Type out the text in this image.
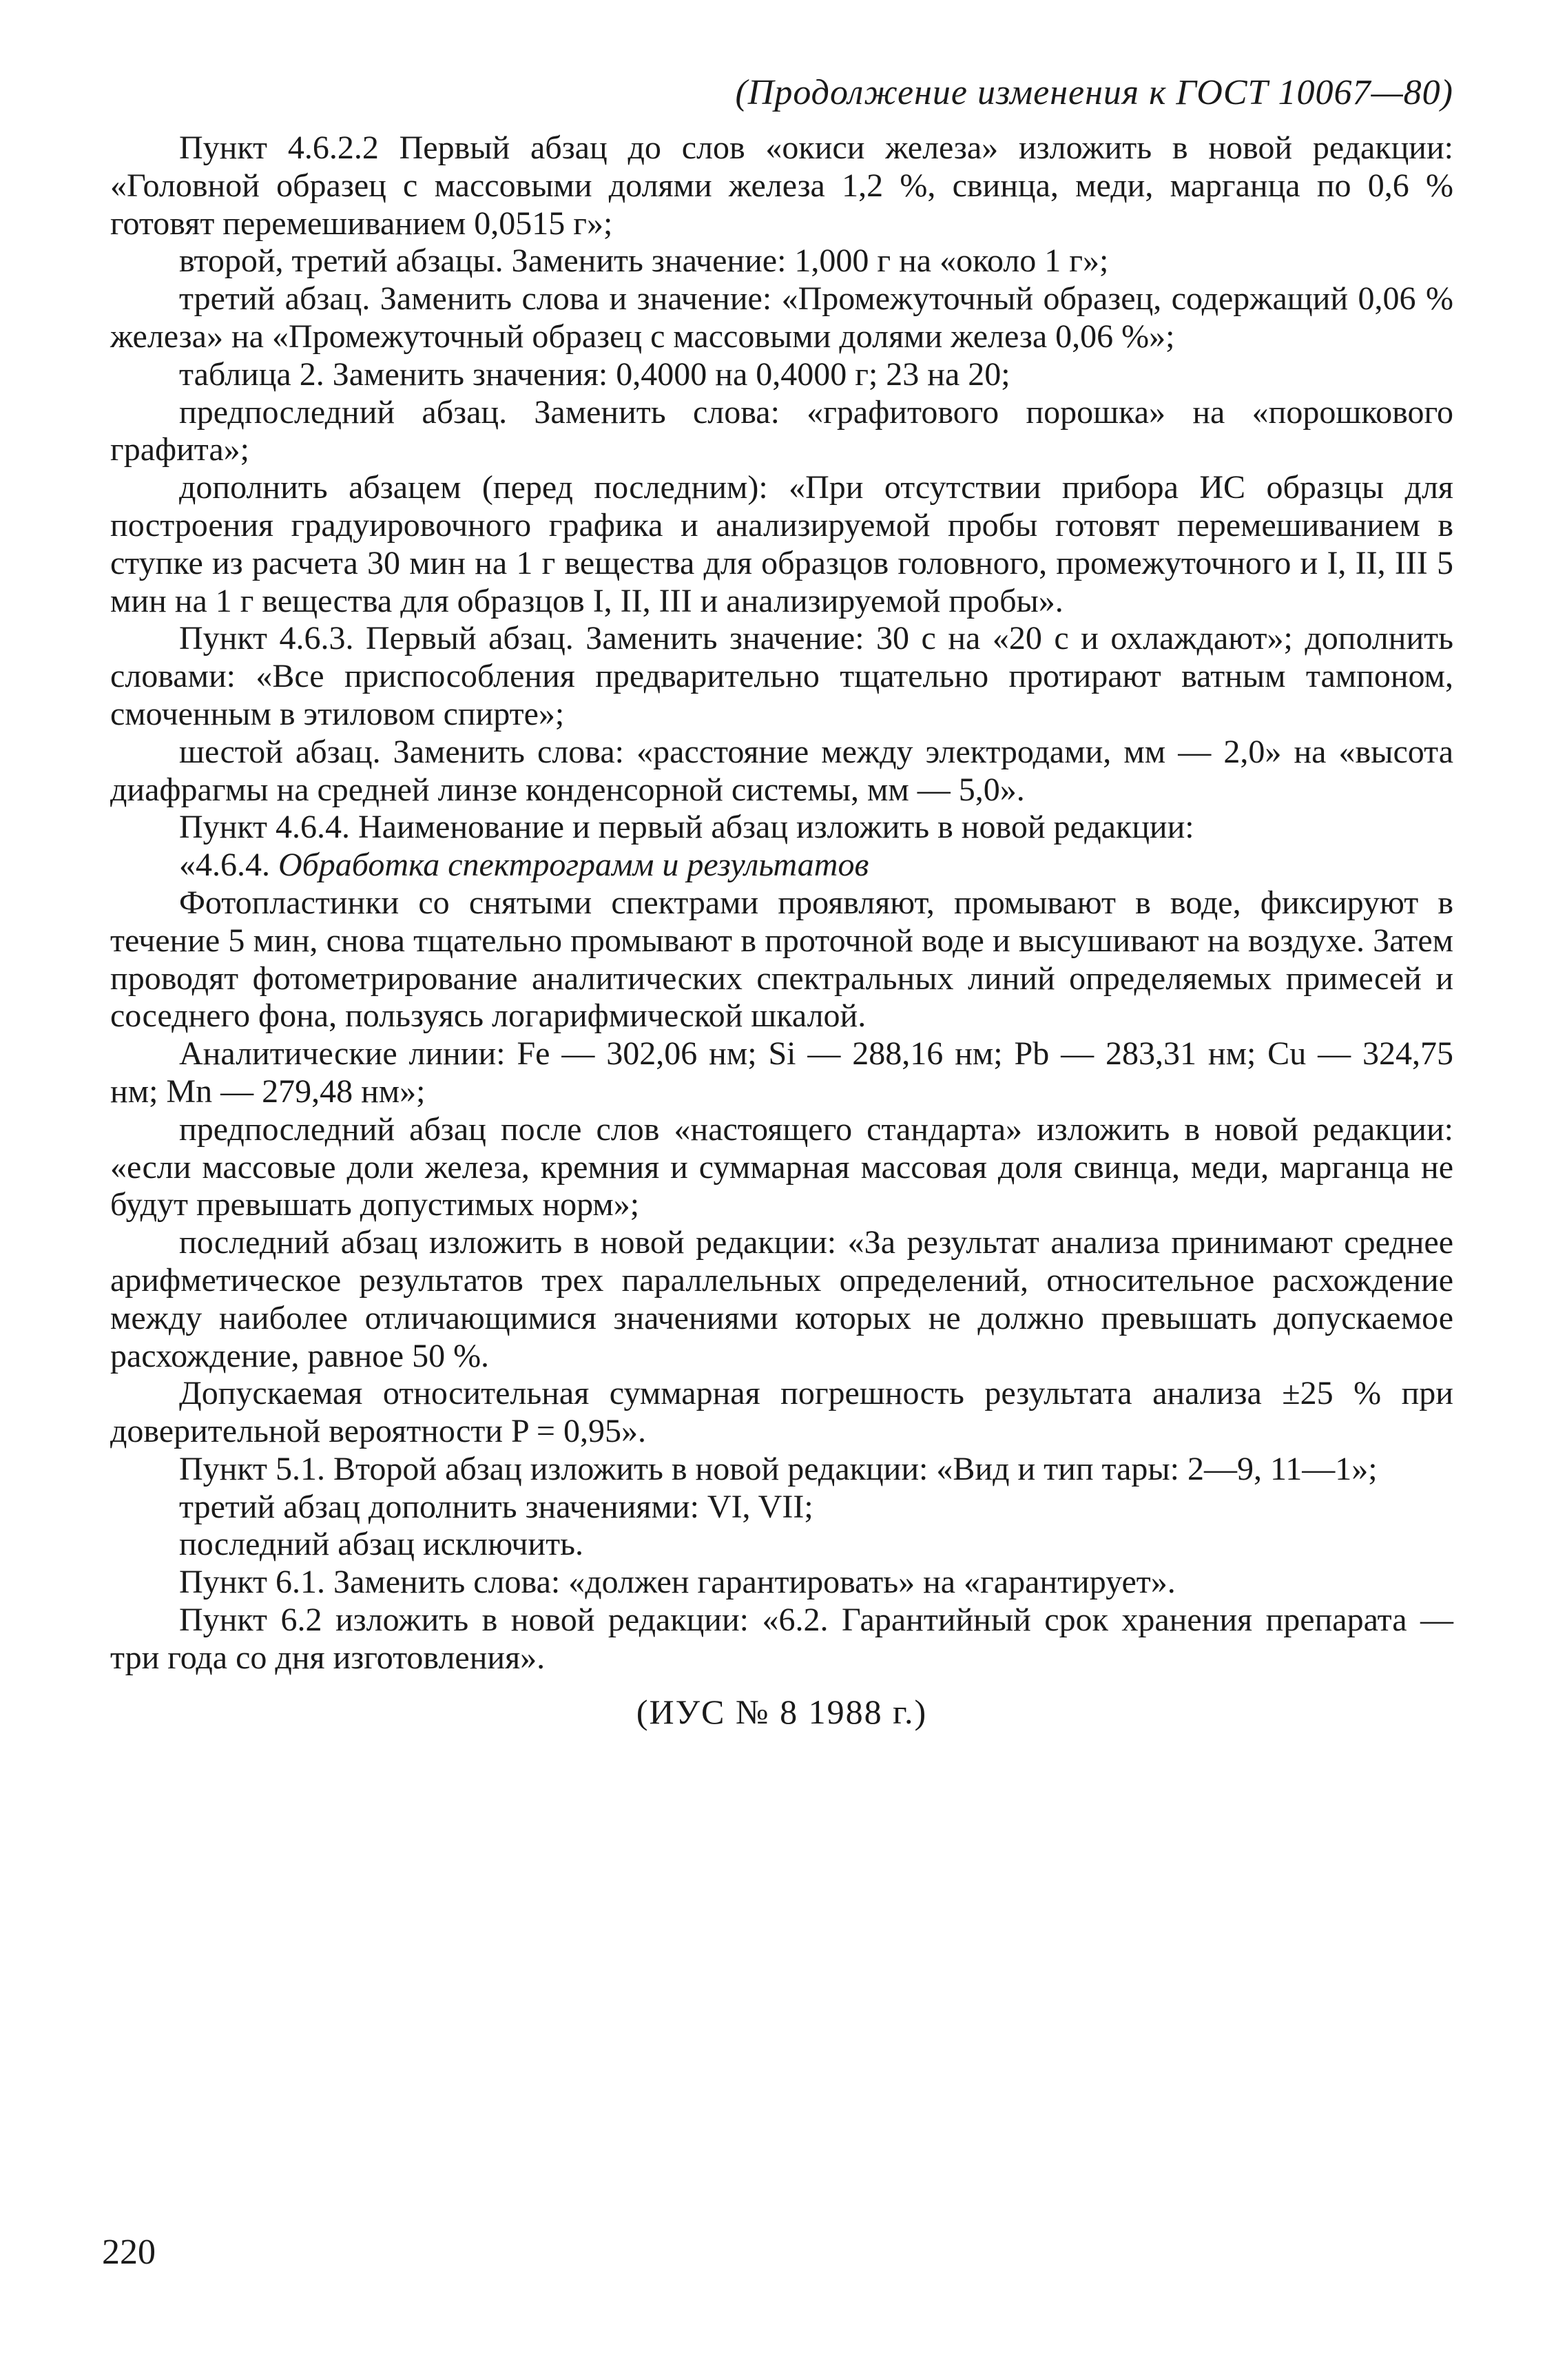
(Продолжение изменения к ГОСТ 10067—80)

Пункт 4.6.2.2 Первый абзац до слов «окиси железа» изложить в новой редакции: «Головной образец с массовыми долями железа 1,2 %, свинца, меди, марганца по 0,6 % готовят перемешиванием 0,0515 г»;

второй, третий абзацы. Заменить значение: 1,000 г на «около 1 г»;

третий абзац. Заменить слова и значение: «Промежуточный образец, содержащий 0,06 % железа» на «Промежуточный образец с массовыми долями железа 0,06 %»;

таблица 2. Заменить значения: 0,4000 на 0,4000 г; 23 на 20;

предпоследний абзац. Заменить слова: «графитового порошка» на «порошкового графита»;

дополнить абзацем (перед последним): «При отсутствии прибора ИС образцы для построения градуировочного графика и анализируемой пробы готовят перемешиванием в ступке из расчета 30 мин на 1 г вещества для образцов головного, промежуточного и I, II, III 5 мин на 1 г вещества для образцов I, II, III и анализируемой пробы».

Пункт 4.6.3. Первый абзац. Заменить значение: 30 с на «20 с и охлаждают»; дополнить словами: «Все приспособления предварительно тщательно протирают ватным тампоном, смоченным в этиловом спирте»;

шестой абзац. Заменить слова: «расстояние между электродами, мм — 2,0» на «высота диафрагмы на средней линзе конденсорной системы, мм — 5,0».

Пункт 4.6.4. Наименование и первый абзац изложить в новой редакции:

«4.6.4. Обработка спектрограмм и результатов

Фотопластинки со снятыми спектрами проявляют, промывают в воде, фиксируют в течение 5 мин, снова тщательно промывают в проточной воде и высушивают на воздухе. Затем проводят фотометрирование аналитических спектральных линий определяемых примесей и соседнего фона, пользуясь логарифмической шкалой.

Аналитические линии: Fe — 302,06 нм; Si — 288,16 нм; Pb — 283,31 нм; Cu — 324,75 нм; Mn — 279,48 нм»;

предпоследний абзац после слов «настоящего стандарта» изложить в новой редакции: «если массовые доли железа, кремния и суммарная массовая доля свинца, меди, марганца не будут превышать допустимых норм»;

последний абзац изложить в новой редакции: «За результат анализа принимают среднее арифметическое результатов трех параллельных определений, относительное расхождение между наиболее отличающимися значениями которых не должно превышать допускаемое расхождение, равное 50 %.

Допускаемая относительная суммарная погрешность результата анализа ±25 % при доверительной вероятности P = 0,95».

Пункт 5.1. Второй абзац изложить в новой редакции: «Вид и тип тары: 2—9, 11—1»;

третий абзац дополнить значениями: VI, VII;

последний абзац исключить.

Пункт 6.1. Заменить слова: «должен гарантировать» на «гарантирует».

Пункт 6.2 изложить в новой редакции: «6.2. Гарантийный срок хранения препарата — три года со дня изготовления».

(ИУС № 8 1988 г.)
220
